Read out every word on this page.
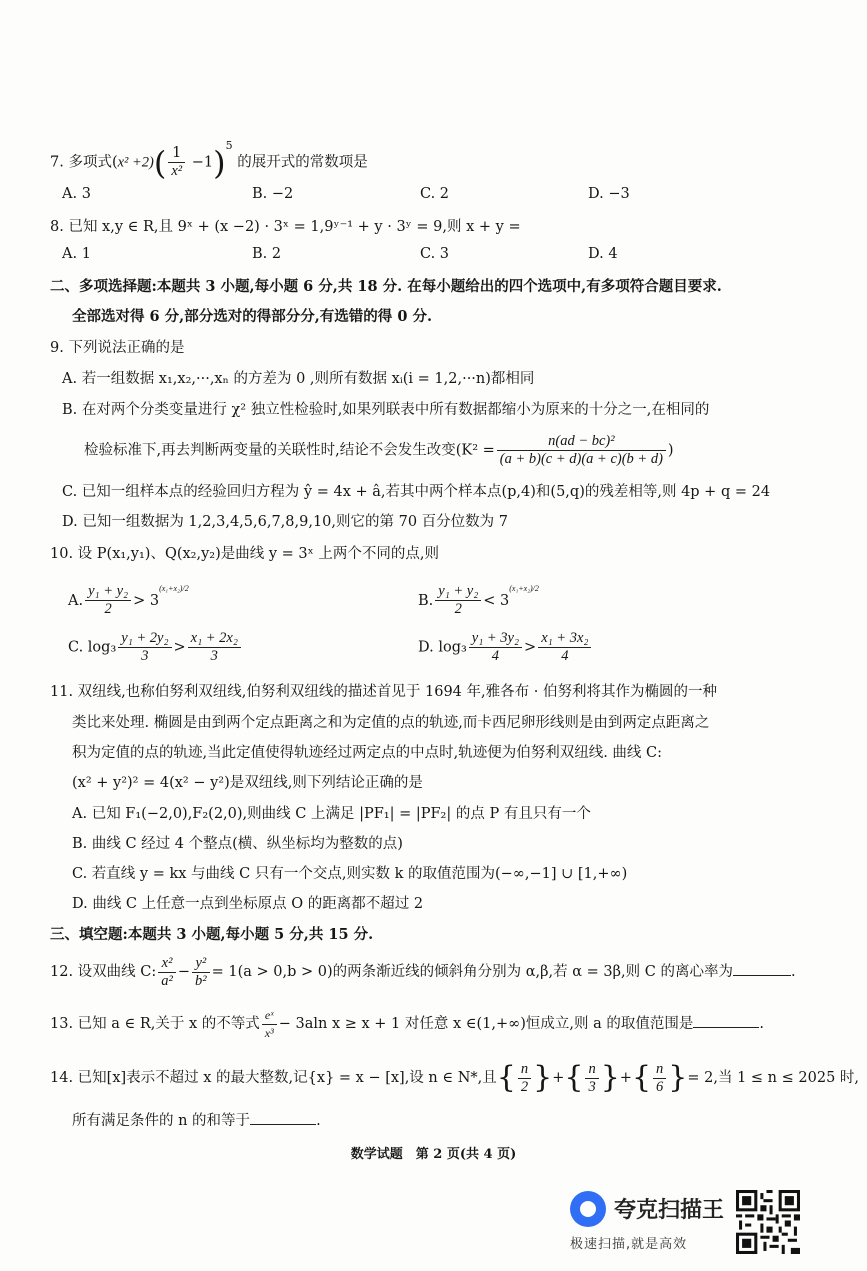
7. 多项式$(x^2 +2)( \frac{1}{\text{x²}} -1)^5$ 的展开式的常数项是
A. 3	B. −2	C. 2	D. −3
8. 已知 x,y ∈ R,且 9ˣ + (x −2) · 3ˣ = 1,9ʸ⁻¹ + y · 3ʸ = 9,则 x + y =
A. 1	B. 2	C. 3	D. 4
二、多项选择题:本题共 3 小题,每小题 6 分,共 18 分. 在每小题给出的四个选项中,有多项符合题目要求.
全部选对得 6 分,部分选对的得部分分,有选错的得 0 分.
9. 下列说法正确的是
A. 若一组数据 x₁,x₂,···,xₙ 的方差为 0 ,则所有数据 xᵢ(i = 1,2,···n)都相同
B. 在对两个分类变量进行 χ² 独立性检验时,如果列联表中所有数据都缩小为原来的十分之一,在相同的
检验标准下,再去判断两变量的关联性时,结论不会发生改变($K^2 = \frac{\text{n(ad − bc)²}}{(a + b)(c + d)(a + c)(b + d)}$ )
C. 已知一组样本点的经验回归方程为 ŷ = 4x + â,若其中两个样本点(p,4)和(5,q)的残差相等,则 4p + q = 24
D. 已知一组数据为 1,2,3,4,5,6,7,8,9,10,则它的第 70 百分位数为 7
10. 设 P(x₁,y₁)、Q(x₂,y₂)是曲线 y = 3ˣ 上两个不同的点,则
A. $\frac{\text{y₁ + y₂}}{2} > 3^{(x_1+x_2)/2}$
B. $\frac{\text{y₁ + y₂}}{2} < 3^{(x_1+x_2)/2}$
C. $\log_3 \frac{\text{y₁ + 2y₂}}{3} > \frac{\text{x₁ + 2x₂}}{3}$	D. $\log_3 \frac{\text{y₁ + 3y₂}}{4} > \frac{\text{x₁ + 3x₂}}{4}$
11. 双纽线,也称伯努利双纽线,伯努利双纽线的描述首见于 1694 年,雅各布 · 伯努利将其作为椭圆的一种
类比来处理. 椭圆是由到两个定点距离之和为定值的点的轨迹,而卡西尼卵形线则是由到两定点距离之
积为定值的点的轨迹,当此定值使得轨迹经过两定点的中点时,轨迹便为伯努利双纽线. 曲线 C:
(x² + y²)² = 4(x² − y²)是双纽线,则下列结论正确的是
A. 已知 F₁(−2,0),F₂(2,0),则曲线 C 上满足 |PF₁| = |PF₂| 的点 P 有且只有一个
B. 曲线 C 经过 4 个整点(横、纵坐标均为整数的点)
C. 若直线 y = kx 与曲线 C 只有一个交点,则实数 k 的取值范围为(−∞,−1] ∪ [1,+∞)
D. 曲线 C 上任意一点到坐标原点 O 的距离都不超过 2
三、填空题:本题共 3 小题,每小题 5 分,共 15 分.
12. 设双曲线 C: $\frac{\text{x²}}{\text{a²}} - \frac{\text{y²}}{\text{b²}} = 1(a > 0,b > 0)$的两条渐近线的倾斜角分别为 α,β,若 α = 3β,则 C 的离心率为	.
13. 已知 a ∈ R,关于 x 的不等式 $\frac{\text{eˣ}}{\text{x³}} - 3aln$ x ≥ x + 1 对任意 x ∈(1,+∞)恒成立,则 a 的取值范围是	.
14. 已知[x]表示不超过 x 的最大整数,记{x} = x − [x],设 n ∈ N*,且{ $\frac{n}{2}$ }+{ $\frac{n}{3}$ }+{ $\frac{n}{6}$ }= 2,当 1 ≤ n ≤ 2025 时,
所有满足条件的 n 的和等于	.
数学试题　第 2 页(共 4 页)
夸克扫描王
极速扫描,就是高效
